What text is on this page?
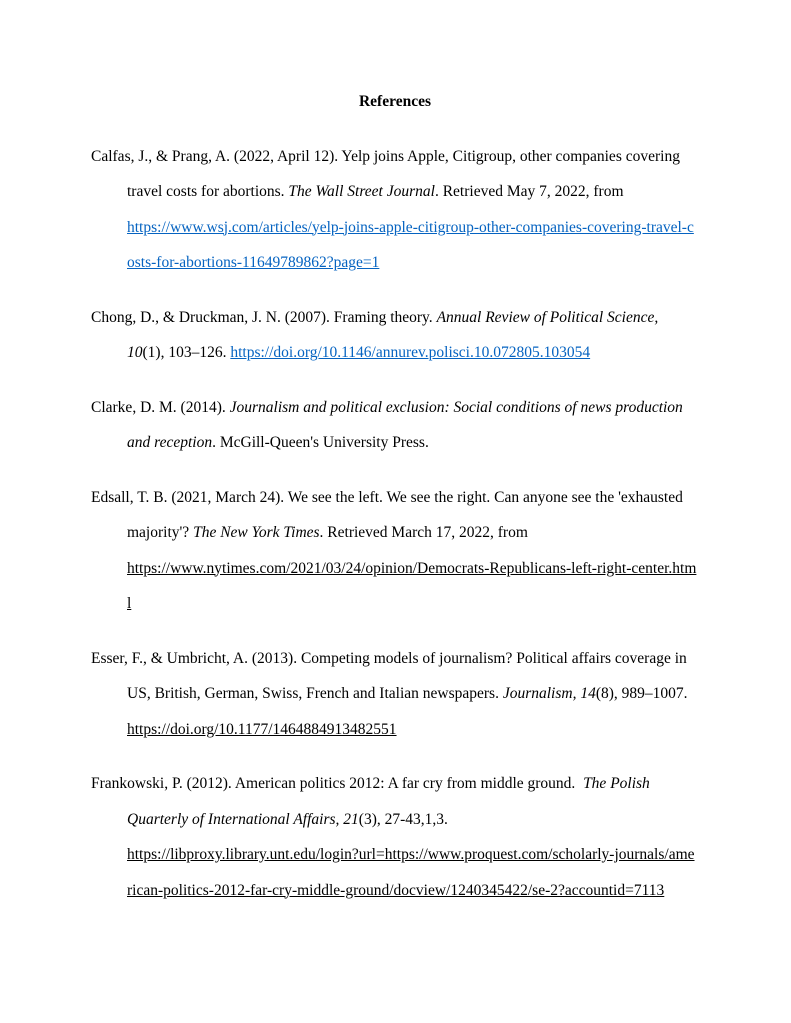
References

Calfas, J., & Prang, A. (2022, April 12). Yelp joins Apple, Citigroup, other companies covering travel costs for abortions. The Wall Street Journal. Retrieved May 7, 2022, from
https://www.wsj.com/articles/yelp-joins-apple-citigroup-other-companies-covering-travel-costs-for-abortions-11649789862?page=1

Chong, D., & Druckman, J. N. (2007). Framing theory. Annual Review of Political Science, 10(1), 103–126. https://doi.org/10.1146/annurev.polisci.10.072805.103054

Clarke, D. M. (2014). Journalism and political exclusion: Social conditions of news production and reception. McGill-Queen's University Press.

Edsall, T. B. (2021, March 24). We see the left. We see the right. Can anyone see the 'exhausted majority'? The New York Times. Retrieved March 17, 2022, from
https://www.nytimes.com/2021/03/24/opinion/Democrats-Republicans-left-right-center.html

Esser, F., & Umbricht, A. (2013). Competing models of journalism? Political affairs coverage in US, British, German, Swiss, French and Italian newspapers. Journalism, 14(8), 989–1007.
https://doi.org/10.1177/1464884913482551

Frankowski, P. (2012). American politics 2012: A far cry from middle ground.  The Polish Quarterly of International Affairs, 21(3), 27-43,1,3.
https://libproxy.library.unt.edu/login?url=https://www.proquest.com/scholarly-journals/american-politics-2012-far-cry-middle-ground/docview/1240345422/se-2?accountid=7113
